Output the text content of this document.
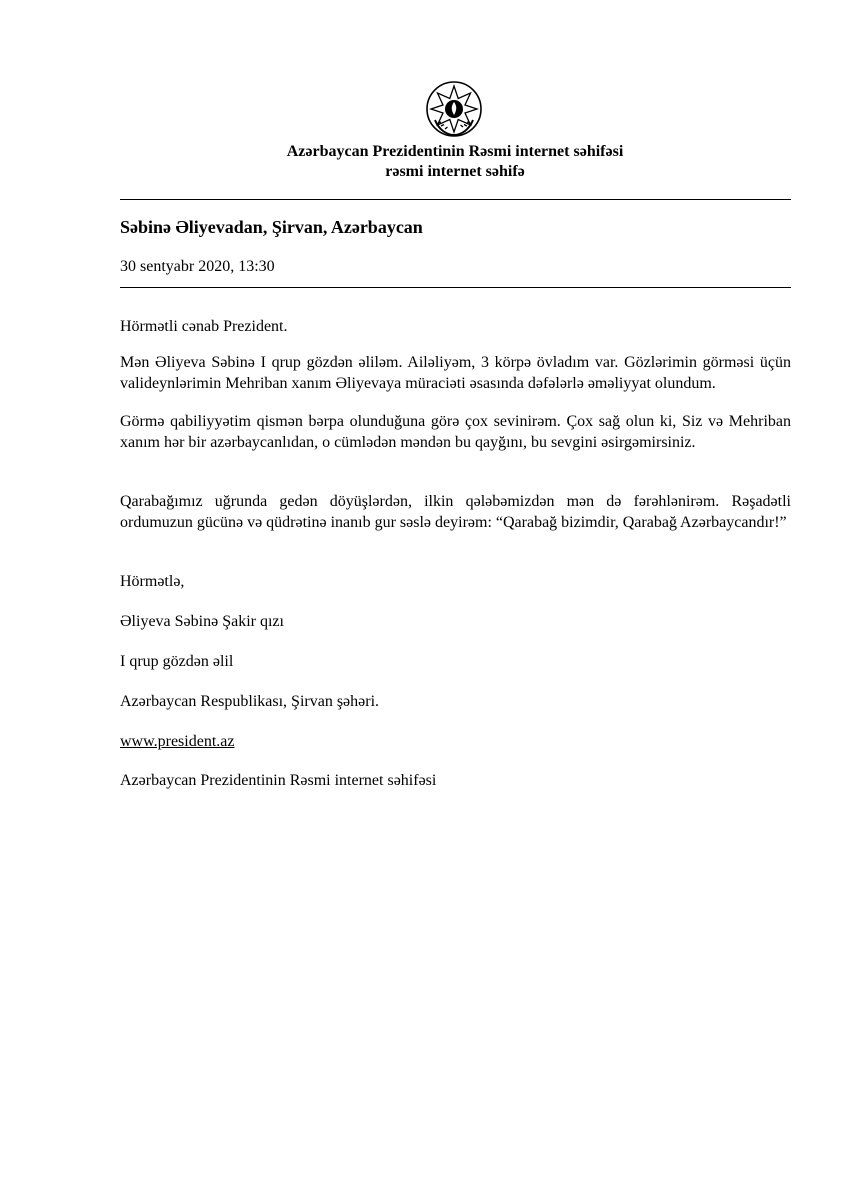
Azərbaycan Prezidentinin Rəsmi internet səhifəsi
rəsmi internet səhifə
Səbinə Əliyevadan, Şirvan, Azərbaycan
30 sentyabr 2020, 13:30

Hörmətli cənab Prezident.

Mən Əliyeva Səbinə I qrup gözdən əliləm. Ailəliyəm, 3 körpə övladım var. Gözlərimin görməsi üçün valideynlərimin Mehriban xanım Əliyevaya müraciəti əsasında dəfələrlə əməliyyat olundum.

Görmə qabiliyyətim qismən bərpa olunduğuna görə çox sevinirəm. Çox sağ olun ki, Siz və Mehriban xanım hər bir azərbaycanlıdan, o cümlədən məndən bu qayğını, bu sevgini əsirgəmirsiniz.

Qarabağımız uğrunda gedən döyüşlərdən, ilkin qələbəmizdən mən də fərəhlənirəm. Rəşadətli ordumuzun gücünə və qüdrətinə inanıb gur səslə deyirəm: “Qarabağ bizimdir, Qarabağ Azərbaycandır!”

Hörmətlə,

Əliyeva Səbinə Şakir qızı

I qrup gözdən əlil

Azərbaycan Respublikası, Şirvan şəhəri.

www.president.az

Azərbaycan Prezidentinin Rəsmi internet səhifəsi
